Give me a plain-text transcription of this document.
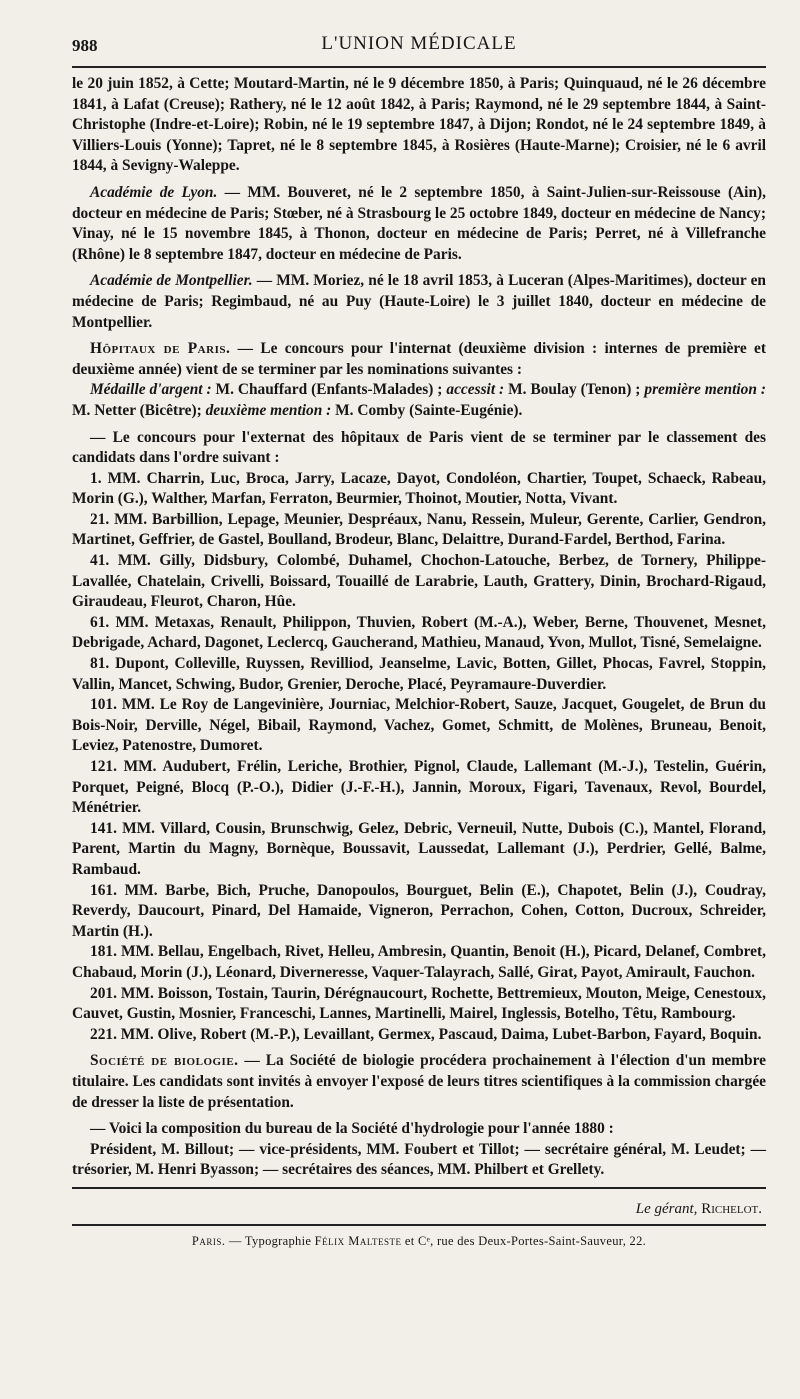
988	L'UNION MÉDICALE

le 20 juin 1852, à Cette; Moutard-Martin, né le 9 décembre 1850, à Paris; Quinquaud, né le 26 décembre 1841, à Lafat (Creuse); Rathery, né le 12 août 1842, à Paris; Raymond, né le 29 septembre 1844, à Saint-Christophe (Indre-et-Loire); Robin, né le 19 septembre 1847, à Dijon; Rondot, né le 24 septembre 1849, à Villiers-Louis (Yonne); Tapret, né le 8 septembre 1845, à Rosières (Haute-Marne); Croisier, né le 6 avril 1844, à Sevigny-Waleppe.

Académie de Lyon. — MM. Bouveret, né le 2 septembre 1850, à Saint-Julien-sur-Reissouse (Ain), docteur en médecine de Paris; Stœber, né à Strasbourg le 25 octobre 1849, docteur en médecine de Nancy; Vinay, né le 15 novembre 1845, à Thonon, docteur en médecine de Paris; Perret, né à Villefranche (Rhône) le 8 septembre 1847, docteur en médecine de Paris.

Académie de Montpellier. — MM. Moriez, né le 18 avril 1853, à Luceran (Alpes-Maritimes), docteur en médecine de Paris; Regimbaud, né au Puy (Haute-Loire) le 3 juillet 1840, docteur en médecine de Montpellier.

Hôpitaux de Paris. — Le concours pour l'internat (deuxième division : internes de première et deuxième année) vient de se terminer par les nominations suivantes :

Médaille d'argent : M. Chauffard (Enfants-Malades) ; accessit : M. Boulay (Tenon) ; première mention : M. Netter (Bicêtre); deuxième mention : M. Comby (Sainte-Eugénie).

— Le concours pour l'externat des hôpitaux de Paris vient de se terminer par le classement des candidats dans l'ordre suivant :

1. MM. Charrin, Luc, Broca, Jarry, Lacaze, Dayot, Condoléon, Chartier, Toupet, Schaeck, Rabeau, Morin (G.), Walther, Marfan, Ferraton, Beurmier, Thoinot, Moutier, Notta, Vivant.

21. MM. Barbillion, Lepage, Meunier, Despréaux, Nanu, Ressein, Muleur, Gerente, Carlier, Gendron, Martinet, Geffrier, de Gastel, Boulland, Brodeur, Blanc, Delaittre, Durand-Fardel, Berthod, Farina.

41. MM. Gilly, Didsbury, Colombé, Duhamel, Chochon-Latouche, Berbez, de Tornery, Philippe-Lavallée, Chatelain, Crivelli, Boissard, Touaillé de Larabrie, Lauth, Grattery, Dinin, Brochard-Rigaud, Giraudeau, Fleurot, Charon, Hûe.

61. MM. Metaxas, Renault, Philippon, Thuvien, Robert (M.-A.), Weber, Berne, Thouvenet, Mesnet, Debrigade, Achard, Dagonet, Leclercq, Gaucherand, Mathieu, Manaud, Yvon, Mullot, Tisné, Semelaigne.

81. Dupont, Colleville, Ruyssen, Revilliod, Jeanselme, Lavic, Botten, Gillet, Phocas, Favrel, Stoppin, Vallin, Mancet, Schwing, Budor, Grenier, Deroche, Placé, Peyramaure-Duverdier.

101. MM. Le Roy de Langevinière, Journiac, Melchior-Robert, Sauze, Jacquet, Gougelet, de Brun du Bois-Noir, Derville, Négel, Bibail, Raymond, Vachez, Gomet, Schmitt, de Molènes, Bruneau, Benoit, Leviez, Patenostre, Dumoret.

121. MM. Audubert, Frélin, Leriche, Brothier, Pignol, Claude, Lallemant (M.-J.), Testelin, Guérin, Porquet, Peigné, Blocq (P.-O.), Didier (J.-F.-H.), Jannin, Moroux, Figari, Tavenaux, Revol, Bourdel, Ménétrier.

141. MM. Villard, Cousin, Brunschwig, Gelez, Debric, Verneuil, Nutte, Dubois (C.), Mantel, Florand, Parent, Martin du Magny, Bornèque, Boussavit, Laussedat, Lallemant (J.), Perdrier, Gellé, Balme, Rambaud.

161. MM. Barbe, Bich, Pruche, Danopoulos, Bourguet, Belin (E.), Chapotet, Belin (J.), Coudray, Reverdy, Daucourt, Pinard, Del Hamaide, Vigneron, Perrachon, Cohen, Cotton, Ducroux, Schreider, Martin (H.).

181. MM. Bellau, Engelbach, Rivet, Helleu, Ambresin, Quantin, Benoit (H.), Picard, Delanef, Combret, Chabaud, Morin (J.), Léonard, Diverneresse, Vaquer-Talayrach, Sallé, Girat, Payot, Amirault, Fauchon.

201. MM. Boisson, Tostain, Taurin, Dérégnaucourt, Rochette, Bettremieux, Mouton, Meige, Cenestoux, Cauvet, Gustin, Mosnier, Franceschi, Lannes, Martinelli, Mairel, Inglessis, Botelho, Têtu, Rambourg.

221. MM. Olive, Robert (M.-P.), Levaillant, Germex, Pascaud, Daima, Lubet-Barbon, Fayard, Boquin.

Société de biologie. — La Société de biologie procédera prochainement à l'élection d'un membre titulaire. Les candidats sont invités à envoyer l'exposé de leurs titres scientifiques à la commission chargée de dresser la liste de présentation.

— Voici la composition du bureau de la Société d'hydrologie pour l'année 1880 :

Président, M. Billout; — vice-présidents, MM. Foubert et Tillot; — secrétaire général, M. Leudet; — trésorier, M. Henri Byasson; — secrétaires des séances, MM. Philbert et Grellety.

Le gérant, Richelot.
Paris. — Typographie Félix Malteste et Cᵉ, rue des Deux-Portes-Saint-Sauveur, 22.
